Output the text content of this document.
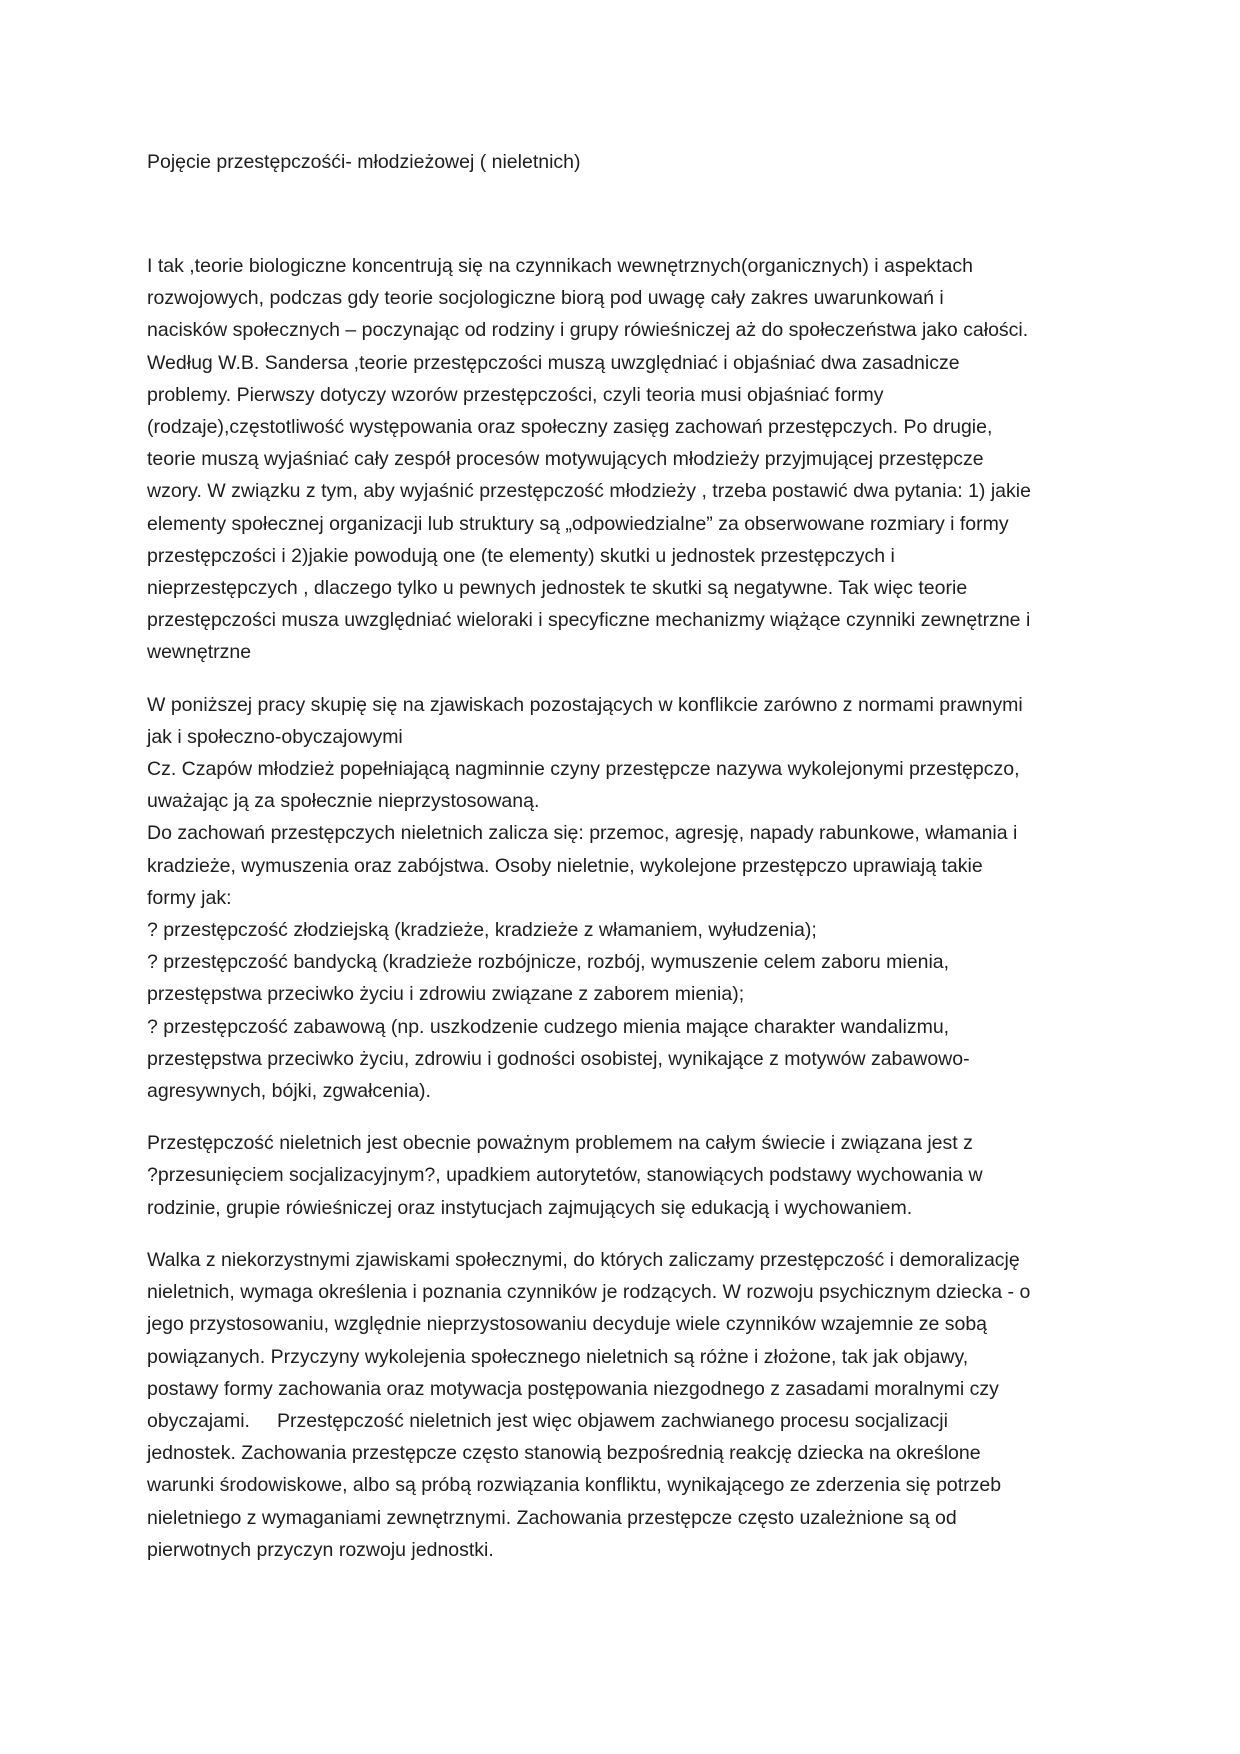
Pojęcie przestępczośći- młodzieżowej ( nieletnich)

I tak ,teorie biologiczne koncentrują się na czynnikach wewnętrznych(organicznych) i aspektach
rozwojowych, podczas gdy teorie socjologiczne biorą pod uwagę cały zakres uwarunkowań i
nacisków społecznych – poczynając od rodziny i grupy rówieśniczej aż do społeczeństwa jako całości.
Według W.B. Sandersa ,teorie przestępczości muszą uwzględniać i objaśniać dwa zasadnicze
problemy. Pierwszy dotyczy wzorów przestępczości, czyli teoria musi objaśniać formy
(rodzaje),częstotliwość występowania oraz społeczny zasięg zachowań przestępczych. Po drugie,
teorie muszą wyjaśniać cały zespół procesów motywujących młodzieży przyjmującej przestępcze
wzory. W związku z tym, aby wyjaśnić przestępczość młodzieży , trzeba postawić dwa pytania: 1) jakie
elementy społecznej organizacji lub struktury są „odpowiedzialne” za obserwowane rozmiary i formy
przestępczości i 2)jakie powodują one (te elementy) skutki u jednostek przestępczych i
nieprzestępczych , dlaczego tylko u pewnych jednostek te skutki są negatywne. Tak więc teorie
przestępczości musza uwzględniać wieloraki i specyficzne mechanizmy wiążące czynniki zewnętrzne i
wewnętrzne

W poniższej pracy skupię się na zjawiskach pozostających w konflikcie zarówno z normami prawnymi
jak i społeczno-obyczajowymi
Cz. Czapów młodzież popełniającą nagminnie czyny przestępcze nazywa wykolejonymi przestępczo,
uważając ją za społecznie nieprzystosowaną.
Do zachowań przestępczych nieletnich zalicza się: przemoc, agresję, napady rabunkowe, włamania i
kradzieże, wymuszenia oraz zabójstwa. Osoby nieletnie, wykolejone przestępczo uprawiają takie
formy jak:
? przestępczość złodziejską (kradzieże, kradzieże z włamaniem, wyłudzenia);
? przestępczość bandycką (kradzieże rozbójnicze, rozbój, wymuszenie celem zaboru mienia,
przestępstwa przeciwko życiu i zdrowiu związane z zaborem mienia);
? przestępczość zabawową (np. uszkodzenie cudzego mienia mające charakter wandalizmu,
przestępstwa przeciwko życiu, zdrowiu i godności osobistej, wynikające z motywów zabawowo-
agresywnych, bójki, zgwałcenia).

Przestępczość nieletnich jest obecnie poważnym problemem na całym świecie i związana jest z
?przesunięciem socjalizacyjnym?, upadkiem autorytetów, stanowiących podstawy wychowania w
rodzinie, grupie rówieśniczej oraz instytucjach zajmujących się edukacją i wychowaniem.

Walka z niekorzystnymi zjawiskami społecznymi, do których zaliczamy przestępczość i demoralizację
nieletnich, wymaga określenia i poznania czynników je rodzących. W rozwoju psychicznym dziecka - o
jego przystosowaniu, względnie nieprzystosowaniu decyduje wiele czynników wzajemnie ze sobą
powiązanych. Przyczyny wykolejenia społecznego nieletnich są różne i złożone, tak jak objawy,
postawy formy zachowania oraz motywacja postępowania niezgodnego z zasadami moralnymi czy
obyczajami.     Przestępczość nieletnich jest więc objawem zachwianego procesu socjalizacji
jednostek. Zachowania przestępcze często stanowią bezpośrednią reakcję dziecka na określone
warunki środowiskowe, albo są próbą rozwiązania konfliktu, wynikającego ze zderzenia się potrzeb
nieletniego z wymaganiami zewnętrznymi. Zachowania przestępcze często uzależnione są od
pierwotnych przyczyn rozwoju jednostki.
